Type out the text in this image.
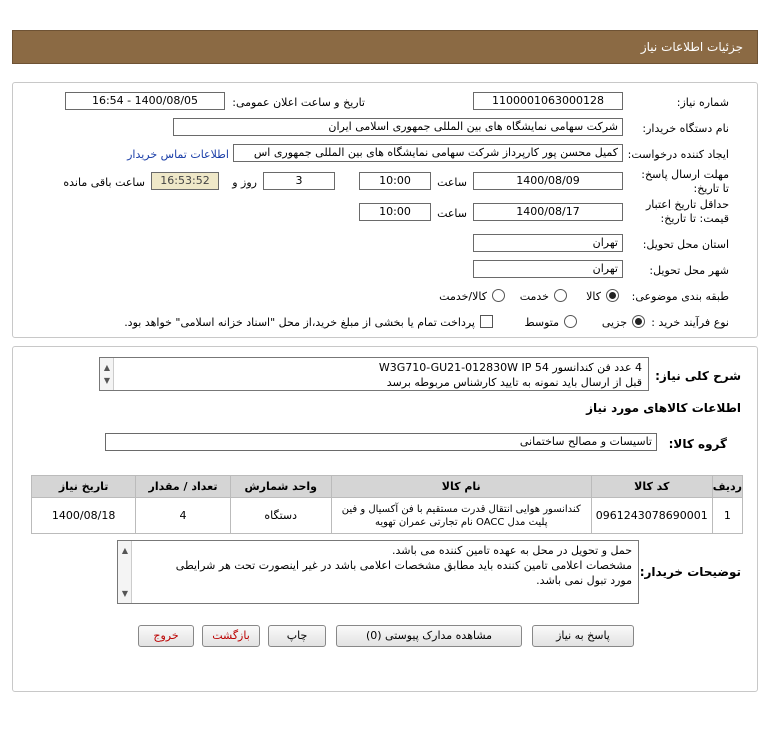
جزئیات اطلاعات نیاز
شماره نیاز:
1100001063000128
تاریخ و ساعت اعلان عمومی:
1400/08/05 - 16:54
نام دستگاه خریدار:
شرکت سهامی نمایشگاه های بین المللی جمهوری اسلامی ایران
ایجاد کننده درخواست:
کمیل محسن پور کارپرداز شرکت سهامی نمایشگاه های بین المللی جمهوری اس
اطلاعات تماس خریدار
مهلت ارسال پاسخ: تا تاریخ:
1400/08/09
ساعت
10:00
3
روز و
16:53:52
ساعت باقی مانده
حداقل تاریخ اعتبار قیمت: تا تاریخ:
1400/08/17
ساعت
10:00
استان محل تحویل:
تهران
شهر محل تحویل:
تهران
طبقه بندی موضوعی:
کالا
خدمت
کالا/خدمت
نوع فرآیند خرید :
جزیی
متوسط
پرداخت تمام یا بخشی از مبلغ خرید،از محل "اسناد خزانه اسلامی" خواهد بود.
شرح کلی نیاز:
4 عدد فن کندانسور W3G710-GU21-012830W IP 54
قبل از ارسال باید نمونه به تایید کارشناس مربوطه برسد
▲
▼
اطلاعات کالاهای مورد نیاز
گروه کالا:
تاسیسات و مصالح ساختمانی
ردیف	کد کالا	نام کالا	واحد شمارش	تعداد / مقدار	تاریخ نیاز
1	0961243078690001	کندانسور هوایی انتقال قدرت مستقیم با فن آکسیال و فین پلیت مدل OACC نام تجارتی عمران تهویه	دستگاه	4	1400/08/18
توضیحات خریدار:
حمل و تحویل در محل به عهده تامین کننده می باشد.
مشخصات اعلامی تامین کننده باید مطابق مشخصات اعلامی باشد در غیر اینصورت تحت هر شرایطی
مورد تبول نمی باشد.
▲
▼
پاسخ به نیاز
مشاهده مدارک پیوستی (0)
چاپ
بازگشت
خروج
